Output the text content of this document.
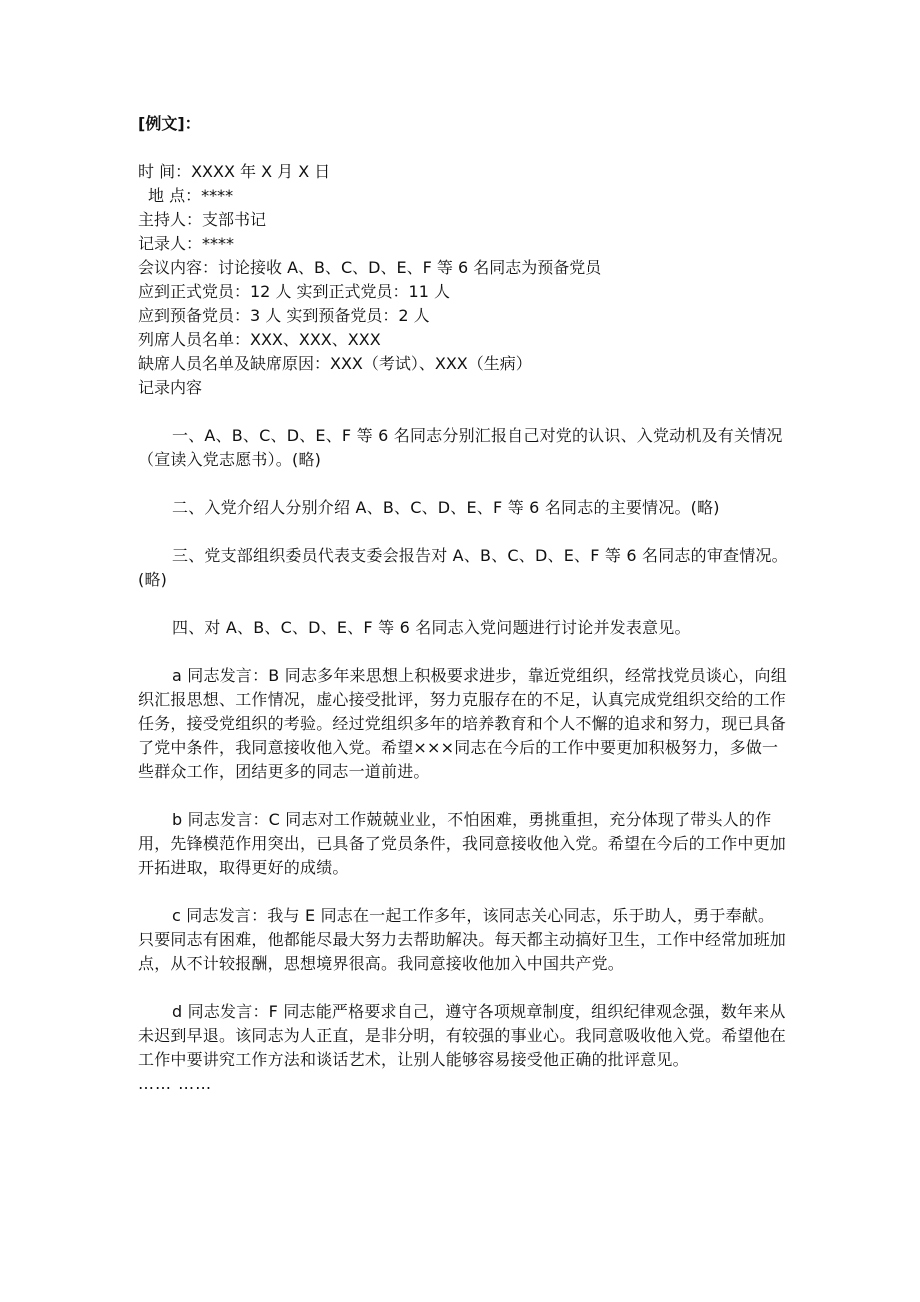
[例文]：

时 间：XXXX 年 X 月 X 日

地 点：****

主持人：支部书记

记录人：****

会议内容：讨论接收 A、B、C、D、E、F 等 6 名同志为预备党员

应到正式党员：12 人 实到正式党员：11 人

应到预备党员：3 人 实到预备党员：2 人

列席人员名单：XXX、XXX、XXX

缺席人员名单及缺席原因：XXX（考试）、XXX（生病）

记录内容

一、A、B、C、D、E、F 等 6 名同志分别汇报自己对党的认识、入党动机及有关情况（宣读入党志愿书）。(略)

二、入党介绍人分别介绍 A、B、C、D、E、F 等 6 名同志的主要情况。(略)

三、党支部组织委员代表支委会报告对 A、B、C、D、E、F 等 6 名同志的审查情况。(略)

四、对 A、B、C、D、E、F 等 6 名同志入党问题进行讨论并发表意见。

a 同志发言：B 同志多年来思想上积极要求进步，靠近党组织，经常找党员谈心，向组织汇报思想、工作情况，虚心接受批评，努力克服存在的不足，认真完成党组织交给的工作任务，接受党组织的考验。经过党组织多年的培养教育和个人不懈的追求和努力，现已具备了党中条件，我同意接收他入党。希望×××同志在今后的工作中要更加积极努力，多做一些群众工作，团结更多的同志一道前进。

b 同志发言：C 同志对工作兢兢业业，不怕困难，勇挑重担，充分体现了带头人的作用，先锋模范作用突出，已具备了党员条件，我同意接收他入党。希望在今后的工作中更加开拓进取，取得更好的成绩。

c 同志发言：我与 E 同志在一起工作多年，该同志关心同志，乐于助人，勇于奉献。只要同志有困难，他都能尽最大努力去帮助解决。每天都主动搞好卫生，工作中经常加班加点，从不计较报酬，思想境界很高。我同意接收他加入中国共产党。

d 同志发言：F 同志能严格要求自己，遵守各项规章制度，组织纪律观念强，数年来从未迟到早退。该同志为人正直，是非分明，有较强的事业心。我同意吸收他入党。希望他在工作中要讲究工作方法和谈话艺术，让别人能够容易接受他正确的批评意见。

…… ……
